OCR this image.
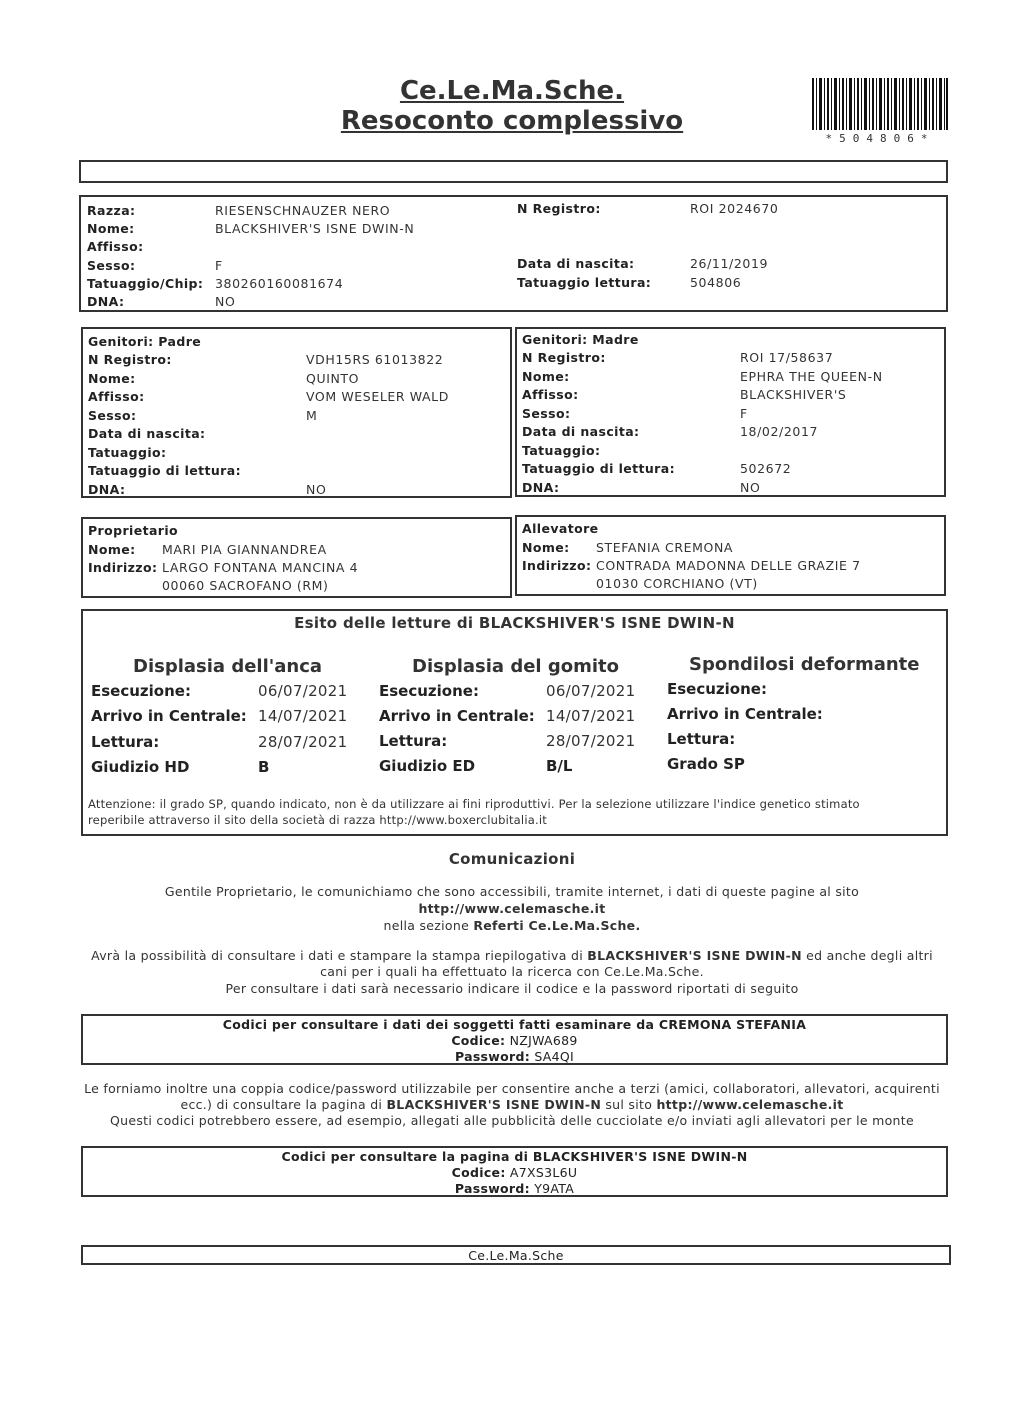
Ce.Le.Ma.Sche.
Resoconto complessivo
*504806*
Razza:	RIESENSCHNAUZER NERO
Nome:	BLACKSHIVER'S ISNE DWIN-N
Affisso:
Sesso:	F
Tatuaggio/Chip: 380260160081674
DNA:	NO
N Registro:	ROI 2024670
Data di nascita:	26/11/2019
Tatuaggio lettura:	504806
Genitori: Padre
N Registro:	VDH15RS 61013822
Nome:	QUINTO
Affisso:	VOM WESELER WALD
Sesso:	M
Data di nascita:
Tatuaggio:
Tatuaggio di lettura:
DNA:	NO
Genitori: Madre
N Registro:	ROI 17/58637
Nome:	EPHRA THE QUEEN-N
Affisso:	BLACKSHIVER'S
Sesso:	F
Data di nascita:	18/02/2017
Tatuaggio:
Tatuaggio di lettura:	502672
DNA:	NO
Proprietario
Nome: MARI PIA GIANNANDREA
Indirizzo: LARGO FONTANA MANCINA 4
00060 SACROFANO (RM)
Allevatore
Nome: STEFANIA CREMONA
Indirizzo: CONTRADA MADONNA DELLE GRAZIE 7
01030 CORCHIANO (VT)
Esito delle letture di BLACKSHIVER'S ISNE DWIN-N
Displasia dell'anca
Esecuzione:	06/07/2021
Arrivo in Centrale: 14/07/2021
Lettura:	28/07/2021
Giudizio HD	B
Displasia del gomito
Esecuzione:	06/07/2021
Arrivo in Centrale: 14/07/2021
Lettura:	28/07/2021
Giudizio ED	B/L
Spondilosi deformante
Esecuzione:
Arrivo in Centrale:
Lettura:
Grado SP
Attenzione: il grado SP, quando indicato, non è da utilizzare ai fini riproduttivi. Per la selezione utilizzare l'indice genetico stimato
reperibile attraverso il sito della società di razza http://www.boxerclubitalia.it
Comunicazioni
Gentile Proprietario, le comunichiamo che sono accessibili, tramite internet, i dati di queste pagine al sito
http://www.celemasche.it
nella sezione Referti Ce.Le.Ma.Sche.
Avrà la possibilità di consultare i dati e stampare la stampa riepilogativa di BLACKSHIVER'S ISNE DWIN-N ed anche degli altri
cani per i quali ha effettuato la ricerca con Ce.Le.Ma.Sche.
Per consultare i dati sarà necessario indicare il codice e la password riportati di seguito
Codici per consultare i dati dei soggetti fatti esaminare da CREMONA STEFANIA
Codice: NZJWA689
Password: SA4QI
Le forniamo inoltre una coppia codice/password utilizzabile per consentire anche a terzi (amici, collaboratori, allevatori, acquirenti
ecc.) di consultare la pagina di BLACKSHIVER'S ISNE DWIN-N sul sito http://www.celemasche.it
Questi codici potrebbero essere, ad esempio, allegati alle pubblicità delle cucciolate e/o inviati agli allevatori per le monte
Codici per consultare la pagina di BLACKSHIVER'S ISNE DWIN-N
Codice: A7XS3L6U
Password: Y9ATA
Ce.Le.Ma.Sche
